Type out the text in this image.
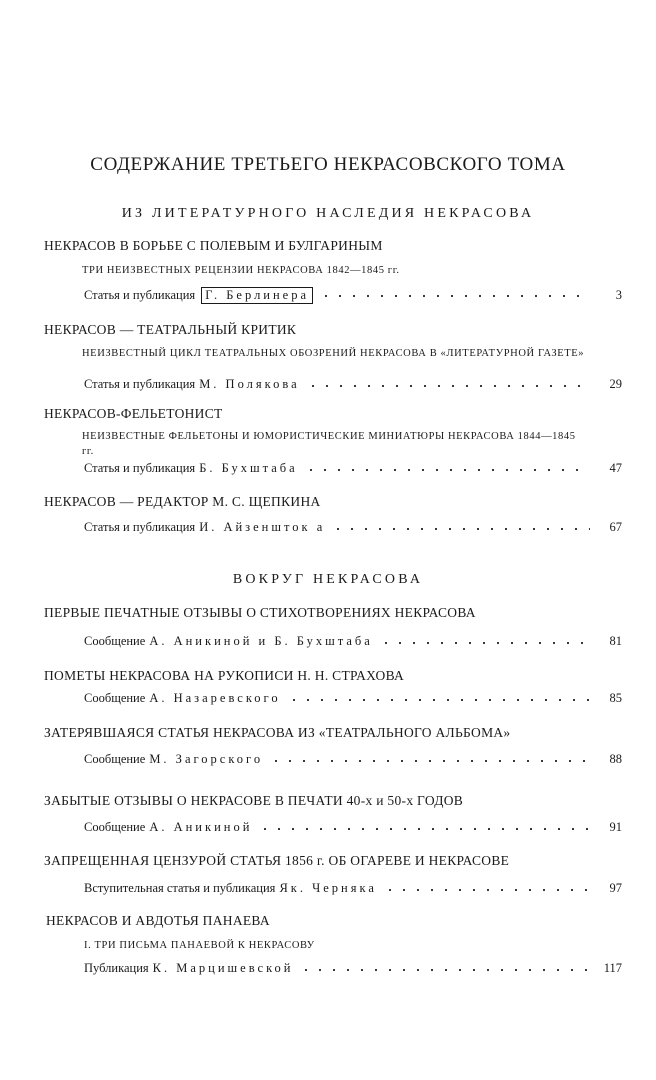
СОДЕРЖАНИЕ ТРЕТЬЕГО НЕКРАСОВСКОГО ТОМА
ИЗ ЛИТЕРАТУРНОГО НАСЛЕДИЯ НЕКРАСОВА
НЕКРАСОВ В БОРЬБЕ С ПОЛЕВЫМ И БУЛГАРИНЫМ
ТРИ НЕИЗВЕСТНЫХ РЕЦЕНЗИИ НЕКРАСОВА 1842—1845 гг.
Статья и публикация Г. Берлинера	3
НЕКРАСОВ — ТЕАТРАЛЬНЫЙ КРИТИК
НЕИЗВЕСТНЫЙ ЦИКЛ ТЕАТРАЛЬНЫХ ОБОЗРЕНИЙ НЕКРАСОВА В «ЛИТЕРАТУРНОЙ ГАЗЕТЕ»
Статья и публикация М. Полякова	29
НЕКРАСОВ-ФЕЛЬЕТОНИСТ
НЕИЗВЕСТНЫЕ ФЕЛЬЕТОНЫ И ЮМОРИСТИЧЕСКИЕ МИНИАТЮРЫ НЕКРАСОВА 1844—1845 гг.
Статья и публикация Б. Бухштаба	47
НЕКРАСОВ — РЕДАКТОР М. С. ЩЕПКИНА
Статья и публикация И. Айзеншток а	67
ВОКРУГ НЕКРАСОВА
ПЕРВЫЕ ПЕЧАТНЫЕ ОТЗЫВЫ О СТИХОТВОРЕНИЯХ НЕКРАСОВА
Сообщение А. Аникиной и Б. Бухштаба	81
ПОМЕТЫ НЕКРАСОВА НА РУКОПИСИ Н. Н. СТРАХОВА
Сообщение А. Назаревского	85
ЗАТЕРЯВШАЯСЯ СТАТЬЯ НЕКРАСОВА ИЗ «ТЕАТРАЛЬНОГО АЛЬБОМА»
Сообщение М. Загорского	88
ЗАБЫТЫЕ ОТЗЫВЫ О НЕКРАСОВЕ В ПЕЧАТИ 40-х и 50-х ГОДОВ
Сообщение А. Аникиной	91
ЗАПРЕЩЕННАЯ ЦЕНЗУРОЙ СТАТЬЯ 1856 г. ОБ ОГАРЕВЕ И НЕКРАСОВЕ
Вступительная статья и публикация Як. Черняка	97
НЕКРАСОВ И АВДОТЬЯ ПАНАЕВА
I. ТРИ ПИСЬМА ПАНАЕВОЙ К НЕКРАСОВУ
Публикация К. Марцишевской	117
